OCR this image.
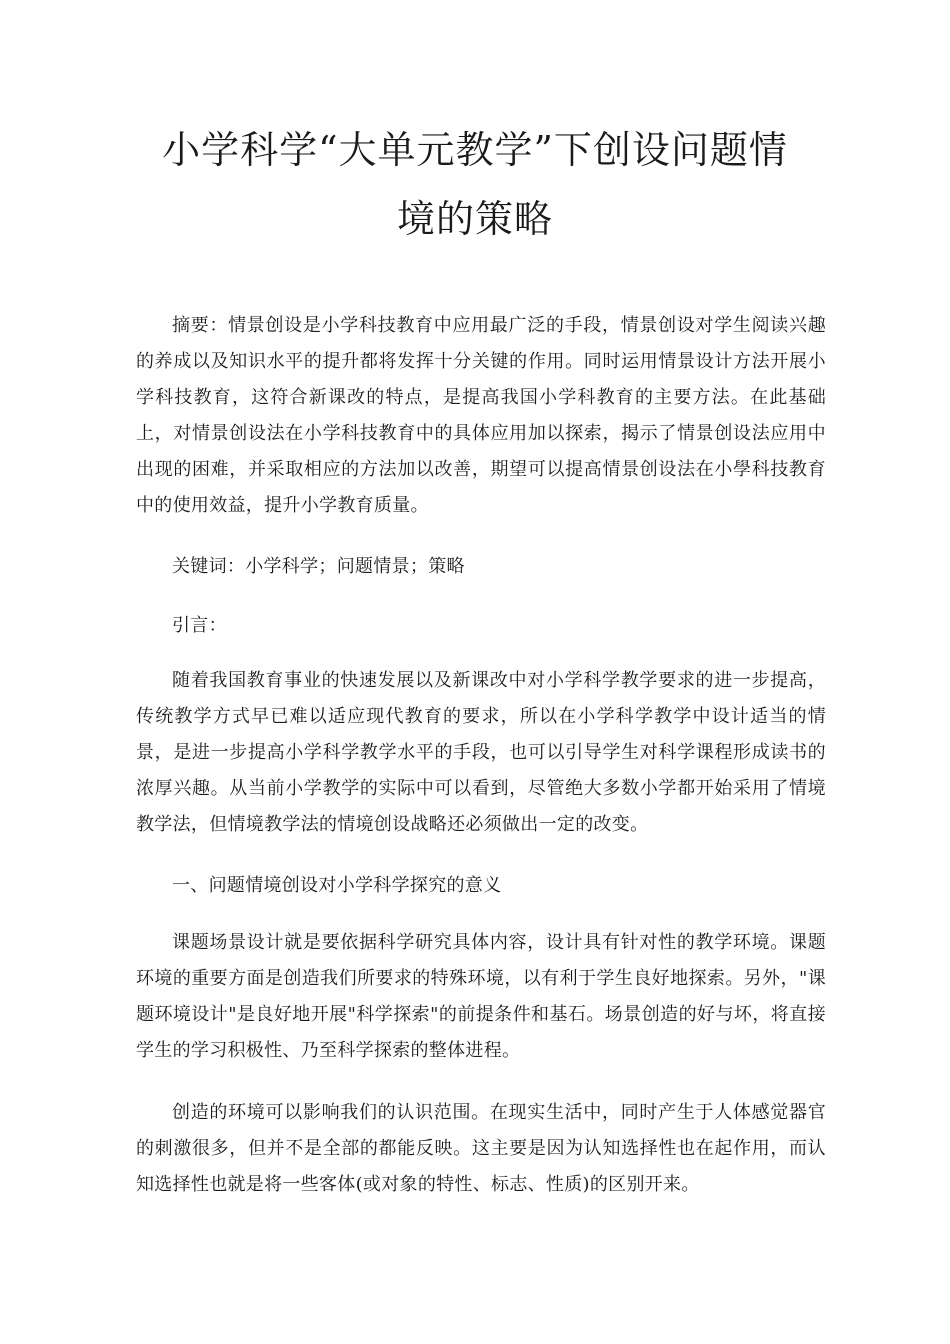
小学科学“大单元教学”下创设问题情
境的策略

摘要：情景创设是小学科技教育中应用最广泛的手段，情景创设对学生阅读兴趣的养成以及知识水平的提升都将发挥十分关键的作用。同时运用情景设计方法开展小学科技教育，这符合新课改的特点，是提高我国小学科教育的主要方法。在此基础上，对情景创设法在小学科技教育中的具体应用加以探索，揭示了情景创设法应用中出现的困难，并采取相应的方法加以改善，期望可以提高情景创设法在小學科技教育中的使用效益，提升小学教育质量。

关键词：小学科学；问题情景；策略

引言：

随着我国教育事业的快速发展以及新课改中对小学科学教学要求的进一步提高，传统教学方式早已难以适应现代教育的要求，所以在小学科学教学中设计适当的情景，是进一步提高小学科学教学水平的手段，也可以引导学生对科学课程形成读书的浓厚兴趣。从当前小学教学的实际中可以看到，尽管绝大多数小学都开始采用了情境教学法，但情境教学法的情境创设战略还必须做出一定的改变。

一、问题情境创设对小学科学探究的意义

课题场景设计就是要依据科学研究具体内容，设计具有针对性的教学环境。课题环境的重要方面是创造我们所要求的特殊环境，以有利于学生良好地探索。另外，"课题环境设计"是良好地开展"科学探索"的前提条件和基石。场景创造的好与坏，将直接学生的学习积极性、乃至科学探索的整体进程。

创造的环境可以影响我们的认识范围。在现实生活中，同时产生于人体感觉器官的刺激很多，但并不是全部的都能反映。这主要是因为认知选择性也在起作用，而认知选择性也就是将一些客体(或对象的特性、标志、性质)的区别开来。
